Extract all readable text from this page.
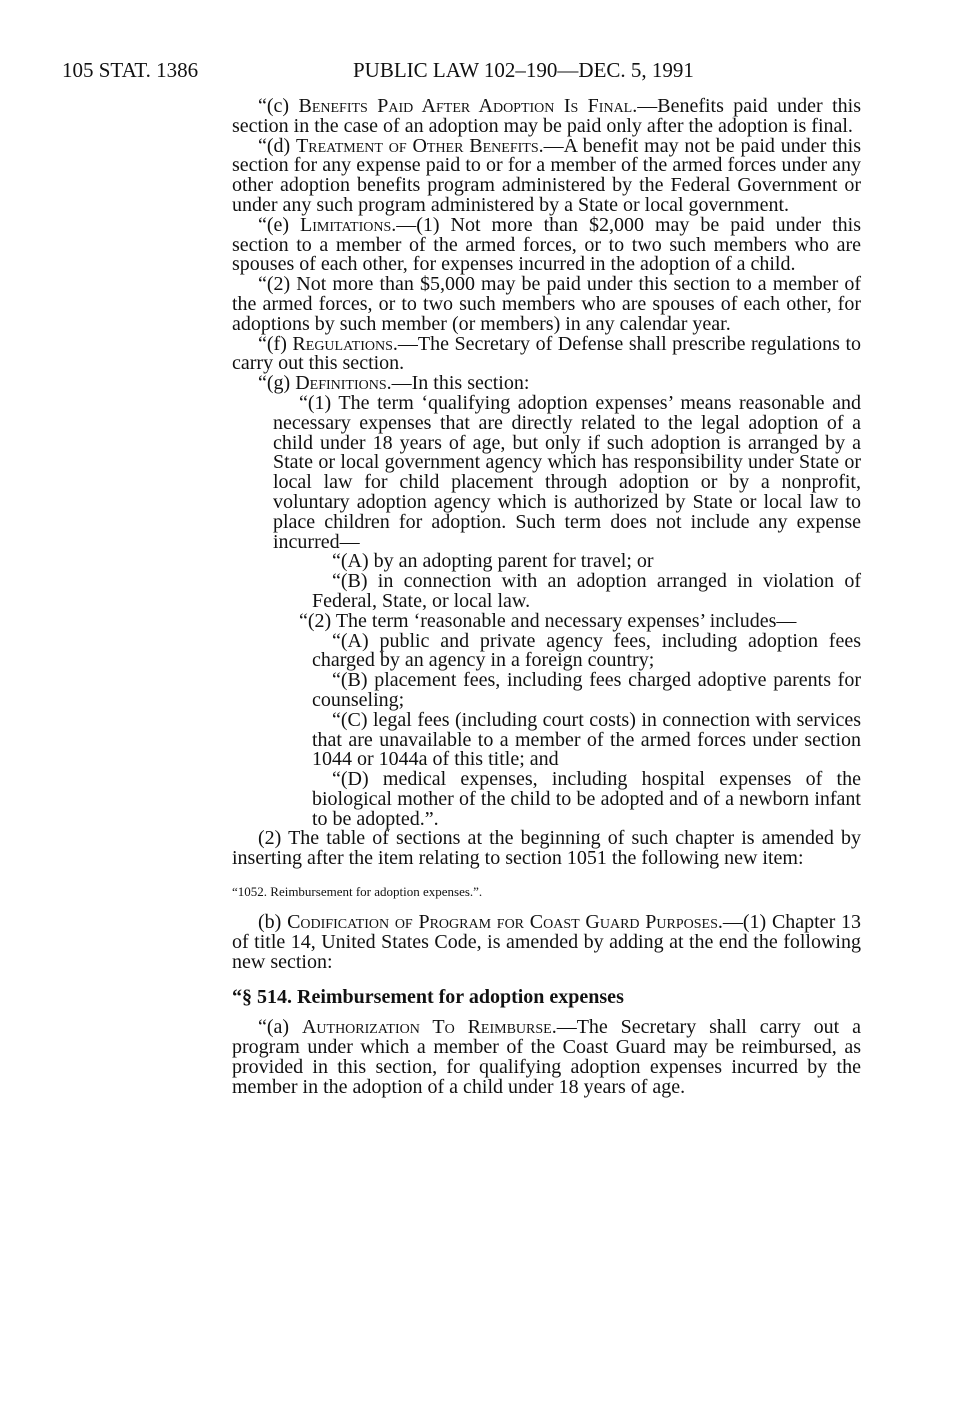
105 STAT. 1386	PUBLIC LAW 102–190—DEC. 5, 1991

“(c) Benefits Paid After Adoption Is Final.—Benefits paid under this section in the case of an adoption may be paid only after the adoption is final.

“(d) Treatment of Other Benefits.—A benefit may not be paid under this section for any expense paid to or for a member of the armed forces under any other adoption benefits program administered by the Federal Government or under any such program administered by a State or local government.

“(e) Limitations.—(1) Not more than $2,000 may be paid under this section to a member of the armed forces, or to two such members who are spouses of each other, for expenses incurred in the adoption of a child.

“(2) Not more than $5,000 may be paid under this section to a member of the armed forces, or to two such members who are spouses of each other, for adoptions by such member (or members) in any calendar year.

“(f) Regulations.—The Secretary of Defense shall prescribe regulations to carry out this section.

“(g) Definitions.—In this section:

“(1) The term ‘qualifying adoption expenses’ means reasonable and necessary expenses that are directly related to the legal adoption of a child under 18 years of age, but only if such adoption is arranged by a State or local government agency which has responsibility under State or local law for child placement through adoption or by a nonprofit, voluntary adoption agency which is authorized by State or local law to place children for adoption. Such term does not include any expense incurred—

“(A) by an adopting parent for travel; or

“(B) in connection with an adoption arranged in violation of Federal, State, or local law.

“(2) The term ‘reasonable and necessary expenses’ includes—

“(A) public and private agency fees, including adoption fees charged by an agency in a foreign country;

“(B) placement fees, including fees charged adoptive parents for counseling;

“(C) legal fees (including court costs) in connection with services that are unavailable to a member of the armed forces under section 1044 or 1044a of this title; and

“(D) medical expenses, including hospital expenses of the biological mother of the child to be adopted and of a newborn infant to be adopted.”.

(2) The table of sections at the beginning of such chapter is amended by inserting after the item relating to section 1051 the following new item:

“1052. Reimbursement for adoption expenses.”.

(b) Codification of Program for Coast Guard Purposes.—(1) Chapter 13 of title 14, United States Code, is amended by adding at the end the following new section:

“§ 514. Reimbursement for adoption expenses

“(a) Authorization To Reimburse.—The Secretary shall carry out a program under which a member of the Coast Guard may be reimbursed, as provided in this section, for qualifying adoption expenses incurred by the member in the adoption of a child under 18 years of age.
